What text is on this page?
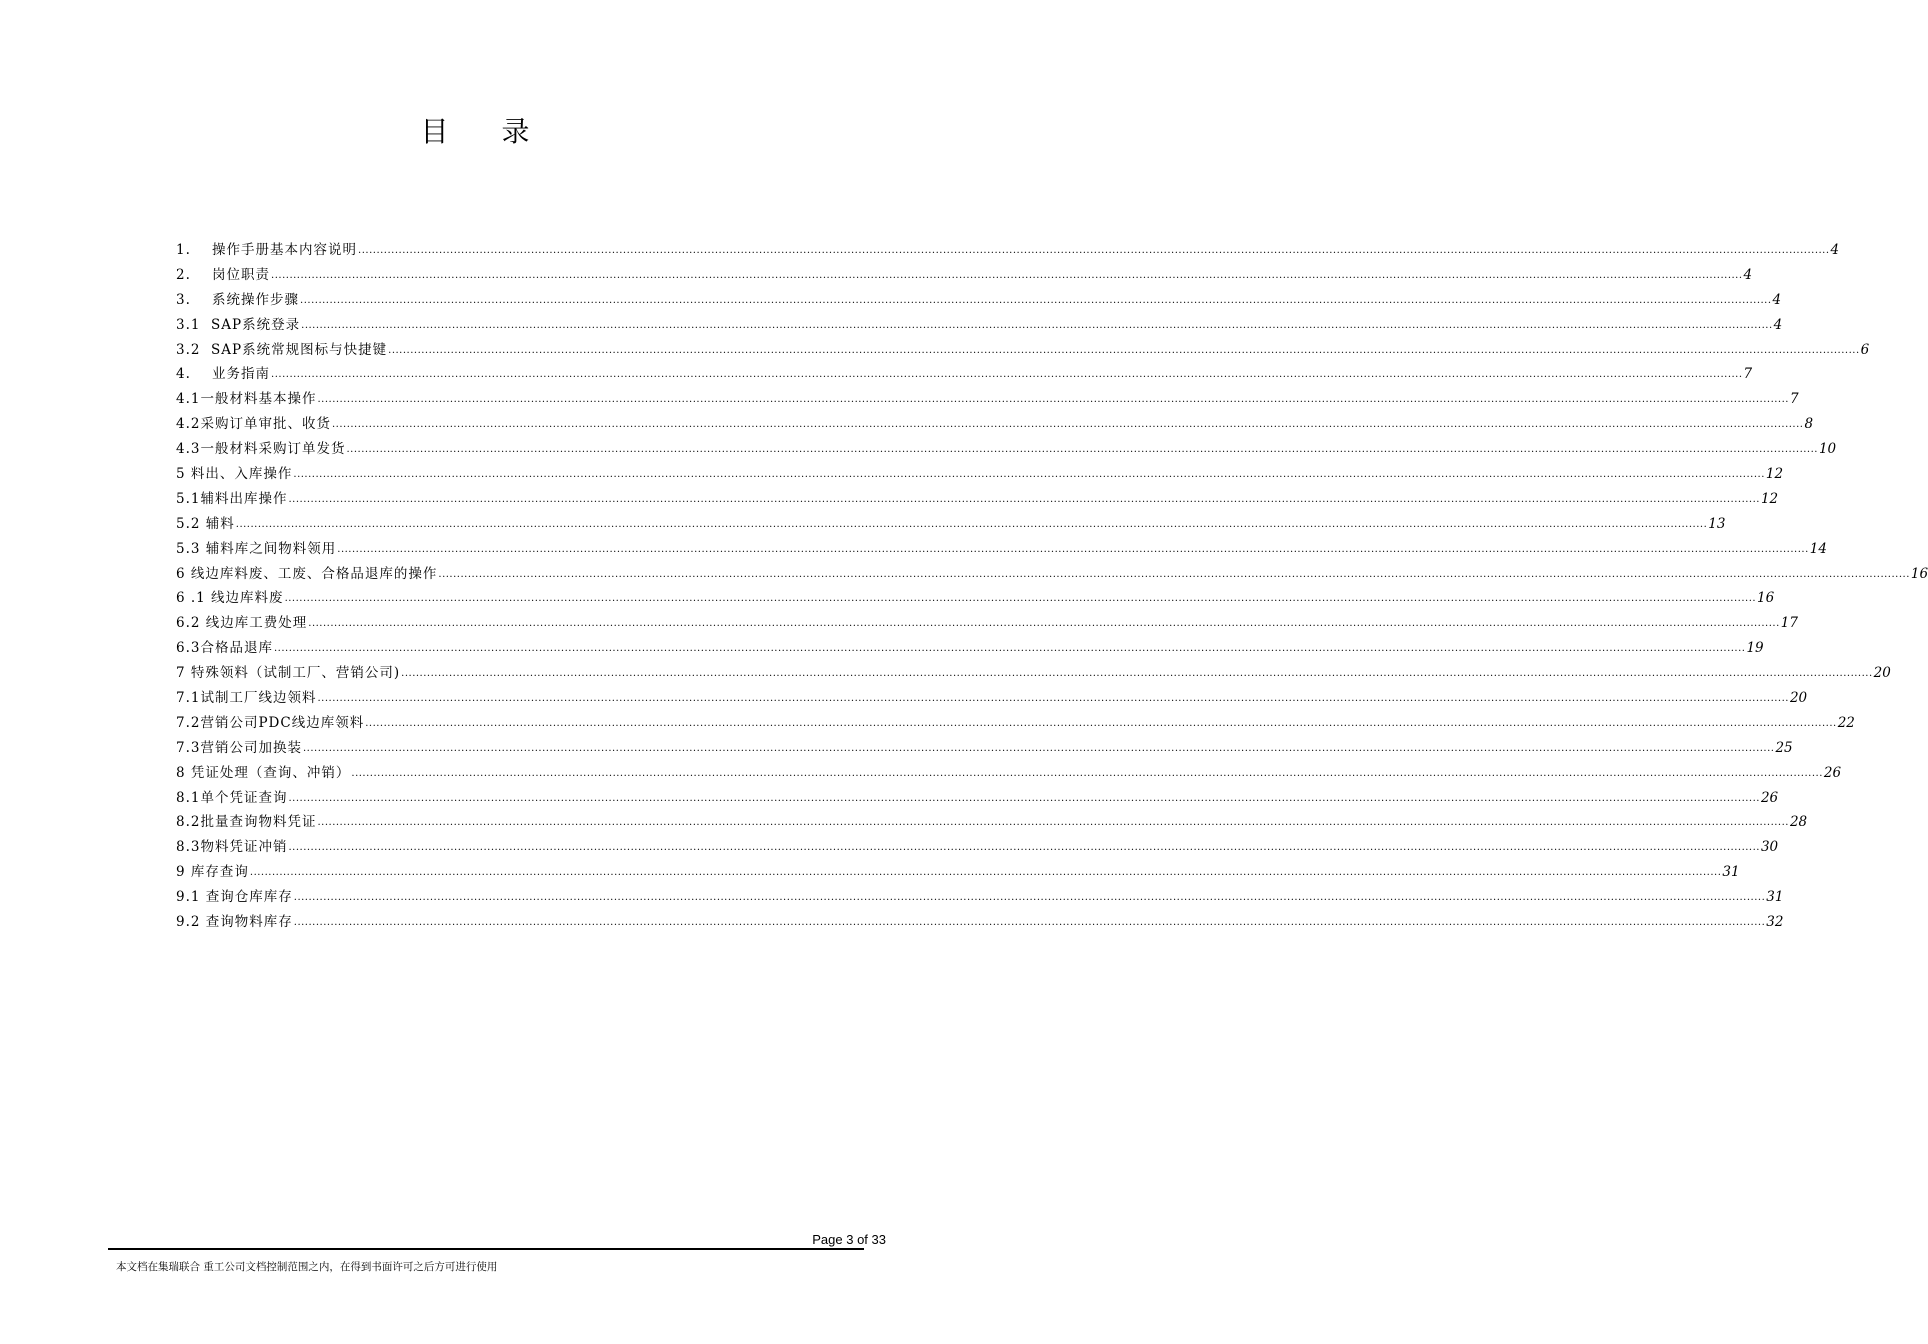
目 录
1.    操作手册基本内容说明 ................................................................................................................................................................................................................................................................................................................................................................................................................ 4
2.    岗位职责 ................................................................................................................................................................................................................................................................................................................................................................................................................ 4
3.    系统操作步骤 ................................................................................................................................................................................................................................................................................................................................................................................................................ 4
3.1  SAP系统登录 ................................................................................................................................................................................................................................................................................................................................................................................................................ 4
3.2  SAP系统常规图标与快捷键 ................................................................................................................................................................................................................................................................................................................................................................................................................ 6
4.    业务指南 ................................................................................................................................................................................................................................................................................................................................................................................................................ 7
4.1一般材料基本操作 ................................................................................................................................................................................................................................................................................................................................................................................................................ 7
4.2采购订单审批、收货 ................................................................................................................................................................................................................................................................................................................................................................................................................ 8
4.3一般材料采购订单发货 ................................................................................................................................................................................................................................................................................................................................................................................................................ 10
5 料出、入库操作 ................................................................................................................................................................................................................................................................................................................................................................................................................ 12
5.1辅料出库操作 ................................................................................................................................................................................................................................................................................................................................................................................................................ 12
5.2 辅料 ................................................................................................................................................................................................................................................................................................................................................................................................................ 13
5.3 辅料库之间物料领用 ................................................................................................................................................................................................................................................................................................................................................................................................................ 14
6 线边库料废、工废、合格品退库的操作 ................................................................................................................................................................................................................................................................................................................................................................................................................ 16
6 .1 线边库料废 ................................................................................................................................................................................................................................................................................................................................................................................................................ 16
6.2 线边库工费处理 ................................................................................................................................................................................................................................................................................................................................................................................................................ 17
6.3合格品退库 ................................................................................................................................................................................................................................................................................................................................................................................................................ 19
7 特殊领料（试制工厂、营销公司) ................................................................................................................................................................................................................................................................................................................................................................................................................ 20
7.1试制工厂线边领料 ................................................................................................................................................................................................................................................................................................................................................................................................................ 20
7.2营销公司PDC线边库领料 ................................................................................................................................................................................................................................................................................................................................................................................................................ 22
7.3营销公司加换装 ................................................................................................................................................................................................................................................................................................................................................................................................................ 25
8 凭证处理（查询、冲销） ................................................................................................................................................................................................................................................................................................................................................................................................................ 26
8.1单个凭证查询 ................................................................................................................................................................................................................................................................................................................................................................................................................ 26
8.2批量查询物料凭证 ................................................................................................................................................................................................................................................................................................................................................................................................................ 28
8.3物料凭证冲销 ................................................................................................................................................................................................................................................................................................................................................................................................................ 30
9 库存查询 ................................................................................................................................................................................................................................................................................................................................................................................................................ 31
9.1 查询仓库库存 ................................................................................................................................................................................................................................................................................................................................................................................................................ 31
9.2 查询物料库存 ................................................................................................................................................................................................................................................................................................................................................................................................................ 32
Page 3 of 33
本文档在集瑞联合 重工公司文档控制范围之内，在得到书面许可之后方可进行使用
